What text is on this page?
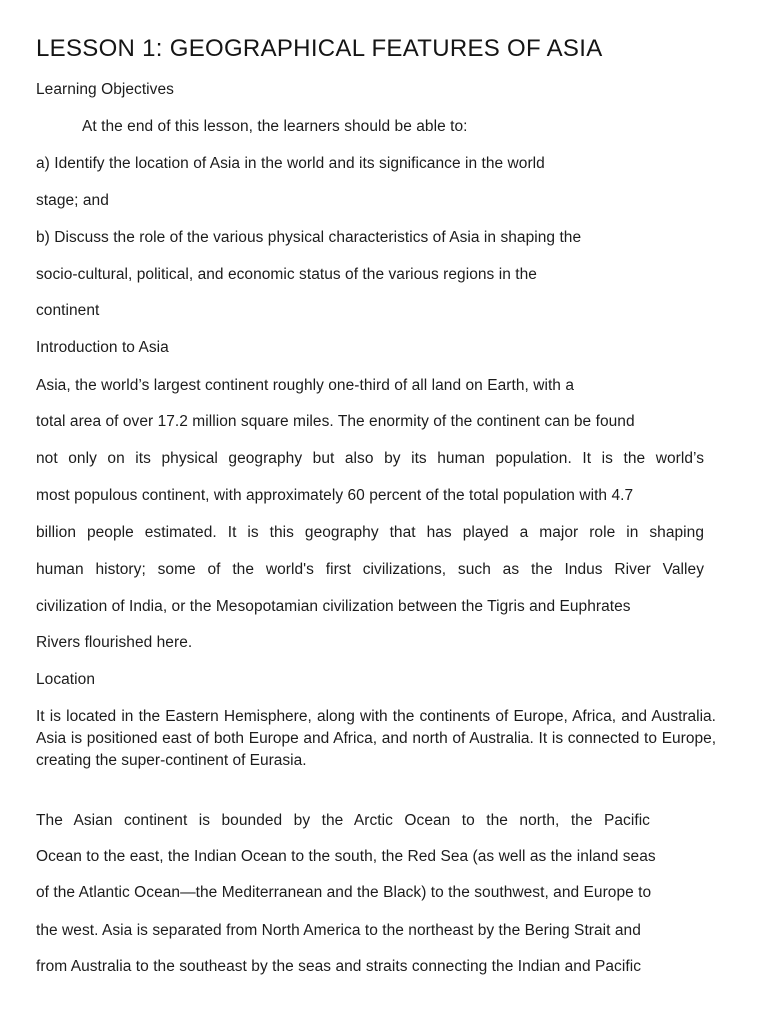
LESSON 1: GEOGRAPHICAL FEATURES OF ASIA
Learning Objectives
At the end of this lesson, the learners should be able to:
a) Identify the location of Asia in the world and its significance in the world
stage; and
b) Discuss the role of the various physical characteristics of Asia in shaping the
socio-cultural, political, and economic status of the various regions in the
continent
Introduction to Asia
Asia, the world’s largest continent roughly one-third of all land on Earth, with a
total area of over 17.2 million square miles. The enormity of the continent can be found
not only on its physical geography but also by its human population. It is the world’s
most populous continent, with approximately 60 percent of the total population with 4.7
billion people estimated. It is this geography that has played a major role in shaping
human history; some of the world's first civilizations, such as the Indus River Valley
civilization of India, or the Mesopotamian civilization between the Tigris and Euphrates
Rivers flourished here.
Location
It is located in the Eastern Hemisphere, along with the continents of Europe, Africa, and Australia. Asia is positioned east of both Europe and Africa, and north of Australia. It is connected to Europe, creating the super-continent of Eurasia.
The Asian continent is bounded by the Arctic Ocean to the north, the Pacific
Ocean to the east, the Indian Ocean to the south, the Red Sea (as well as the inland seas
of the Atlantic Ocean—the Mediterranean and the Black) to the southwest, and Europe to
the west. Asia is separated from North America to the northeast by the Bering Strait and
from Australia to the southeast by the seas and straits connecting the Indian and Pacific
